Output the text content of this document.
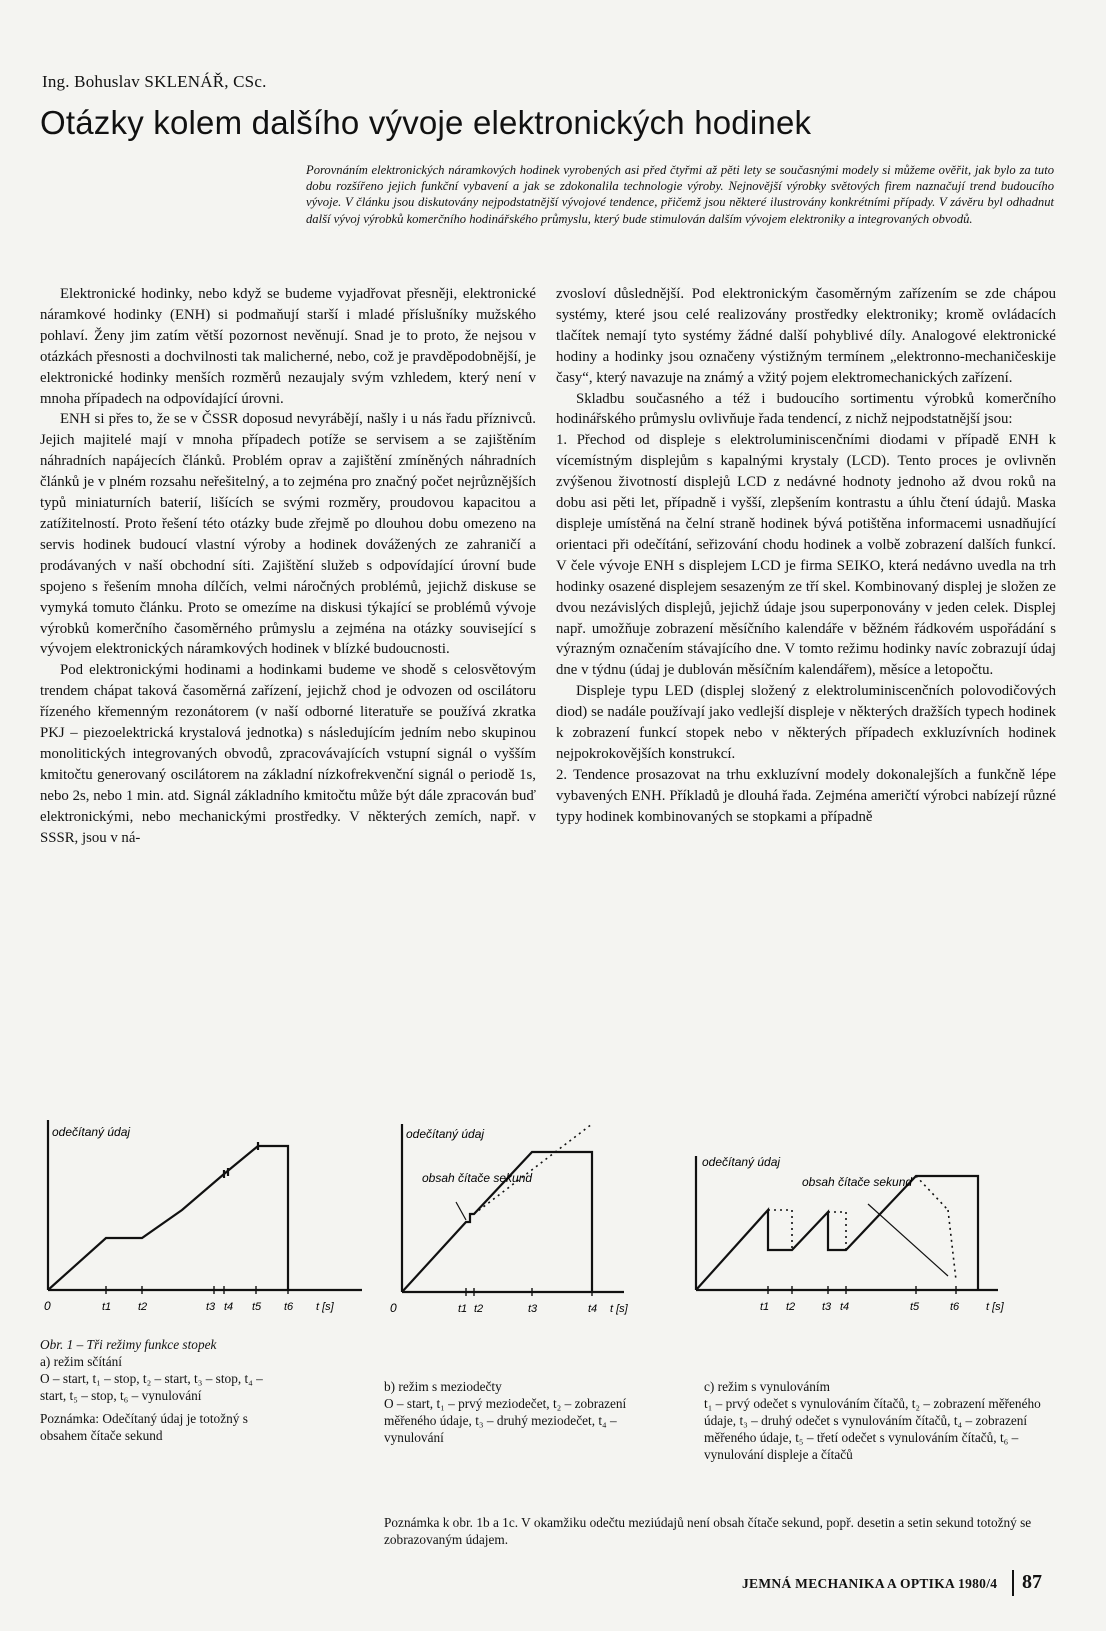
Ing. Bohuslav SKLENÁŘ, CSc.
Otázky kolem dalšího vývoje elektronických hodinek
Porovnáním elektronických náramkových hodinek vyrobených asi před čtyřmi až pěti lety se současnými modely si můžeme ověřit, jak bylo za tuto dobu rozšířeno jejich funkční vybavení a jak se zdokonalila technologie výroby. Nejnovější výrobky světových firem naznačují trend budoucího vývoje. V článku jsou diskutovány nejpodstatnější vývojové tendence, přičemž jsou některé ilustrovány konkrétními případy. V závěru byl odhadnut další vývoj výrobků komerčního hodinářského průmyslu, který bude stimulován dalším vývojem elektroniky a integrovaných obvodů.

Elektronické hodinky, nebo když se budeme vyjadřovat přesněji, elektronické náramkové hodinky (ENH) si podmaňují starší i mladé příslušníky mužského pohlaví. Ženy jim zatím větší pozornost nevěnují. Snad je to proto, že nejsou v otázkách přesnosti a dochvilnosti tak malicherné, nebo, což je pravděpodobnější, je elektronické hodinky menších rozměrů nezaujaly svým vzhledem, který není v mnoha případech na odpovídající úrovni.

ENH si přes to, že se v ČSSR doposud nevyrábějí, našly i u nás řadu příznivců. Jejich majitelé mají v mnoha případech potíže se servisem a se zajištěním náhradních napájecích článků. Problém oprav a zajištění zmíněných náhradních článků je v plném rozsahu neřešitelný, a to zejména pro značný počet nejrůznějších typů miniaturních baterií, lišících se svými rozměry, proudovou kapacitou a zatížitelností. Proto řešení této otázky bude zřejmě po dlouhou dobu omezeno na servis hodinek budoucí vlastní výroby a hodinek dovážených ze zahraničí a prodávaných v naší obchodní síti. Zajištění služeb s odpovídající úrovní bude spojeno s řešením mnoha dílčích, velmi náročných problémů, jejichž diskuse se vymyká tomuto článku. Proto se omezíme na diskusi týkající se problémů vývoje výrobků komerčního časoměrného průmyslu a zejména na otázky související s vývojem elektronických náramkových hodinek v blízké budoucnosti.

Pod elektronickými hodinami a hodinkami budeme ve shodě s celosvětovým trendem chápat taková časoměrná zařízení, jejichž chod je odvozen od oscilátoru řízeného křemenným rezonátorem (v naší odborné literatuře se používá zkratka PKJ – piezoelektrická krystalová jednotka) s následujícím jedním nebo skupinou monolitických integrovaných obvodů, zpracovávajících vstupní signál o vyšším kmitočtu generovaný oscilátorem na základní nízkofrekvenční signál o periodě 1s, nebo 2s, nebo 1 min. atd. Signál základního kmitočtu může být dále zpracován buď elektronickými, nebo mechanickými prostředky. V některých zemích, např. v SSSR, jsou v ná-

zvosloví důslednější. Pod elektronickým časoměrným zařízením se zde chápou systémy, které jsou celé realizovány prostředky elektroniky; kromě ovládacích tlačítek nemají tyto systémy žádné další pohyblivé díly. Analogové elektronické hodiny a hodinky jsou označeny výstižným termínem „elektronno-mechaničeskije časy“, který navazuje na známý a vžitý pojem elektromechanických zařízení.

Skladbu současného a též i budoucího sortimentu výrobků komerčního hodinářského průmyslu ovlivňuje řada tendencí, z nichž nejpodstatnější jsou:

1. Přechod od displeje s elektroluminiscenčními diodami v případě ENH k vícemístným displejům s kapalnými krystaly (LCD). Tento proces je ovlivněn zvýšenou životností displejů LCD z nedávné hodnoty jednoho až dvou roků na dobu asi pěti let, případně i vyšší, zlepšením kontrastu a úhlu čtení údajů. Maska displeje umístěná na čelní straně hodinek bývá potištěna informacemi usnadňující orientaci při odečítání, seřizování chodu hodinek a volbě zobrazení dalších funkcí. V čele vývoje ENH s displejem LCD je firma SEIKO, která nedávno uvedla na trh hodinky osazené displejem sesazeným ze tří skel. Kombinovaný displej je složen ze dvou nezávislých displejů, jejichž údaje jsou superponovány v jeden celek. Displej např. umožňuje zobrazení měsíčního kalendáře v běžném řádkovém uspořádání s výrazným označením stávajícího dne. V tomto režimu hodinky navíc zobrazují údaj dne v týdnu (údaj je dublován měsíčním kalendářem), měsíce a letopočtu.

Displeje typu LED (displej složený z elektroluminiscenčních polovodičových diod) se nadále používají jako vedlejší displeje v některých dražších typech hodinek k zobrazení funkcí stopek nebo v některých případech exkluzívních hodinek nejpokrokovějších konstrukcí.

2. Tendence prosazovat na trhu exkluzívní modely dokonalejších a funkčně lépe vybavených ENH. Příkladů je dlouhá řada. Zejména američtí výrobci nabízejí různé typy hodinek kombinovaných se stopkami a případně

odečítaný údaj
0	t1 t2	t3 t4 t5 t6 t [s]
odečítaný údaj
obsah čítače sekund
0	t1 t2	t3	t4 t [s]
odečítaný údaj
obsah čítače sekund
t1 t2 t3 t4	t5	t6 t [s]
Obr. 1 – Tři režimy funkce stopek
a) režim sčítání
O – start, t₁ – stop, t₂ – start, t₃ – stop, t₄ – start, t₅ – stop, t₆ – vynulování
Poznámka: Odečítaný údaj je totožný s obsahem čítače sekund
b) režim s meziodečty
O – start, t₁ – prvý meziodečet, t₂ – zobrazení měřeného údaje, t₃ – druhý meziodečet, t₄ – vynulování
c) režim s vynulováním
t₁ – prvý odečet s vynulováním čítačů, t₂ – zobrazení měřeného údaje, t₃ – druhý odečet s vynulováním čítačů, t₄ – zobrazení měřeného údaje, t₅ – třetí odečet s vynulováním čítačů, t₆ – vynulování displeje a čítačů
Poznámka k obr. 1b a 1c. V okamžiku odečtu meziúdajů není obsah čítače sekund, popř. desetin a setin sekund totožný se zobrazovaným údajem.
JEMNÁ MECHANIKA A OPTIKA 1980/4 87
